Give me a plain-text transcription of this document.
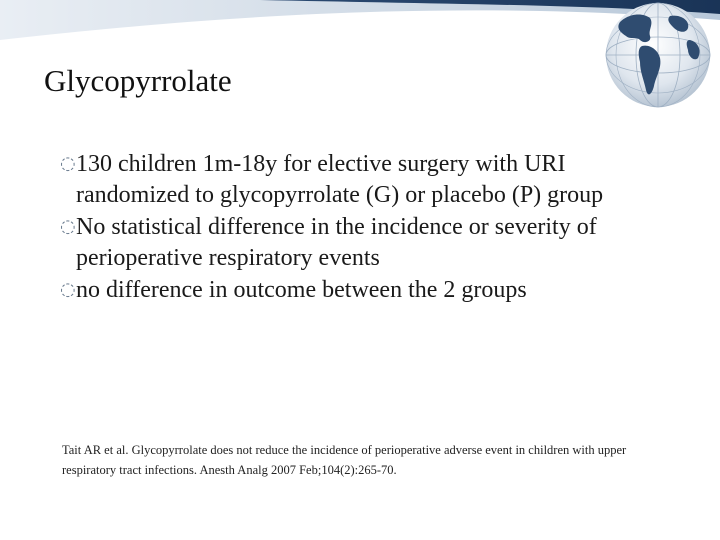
Glycopyrrolate
◌130 children 1m-18y for elective surgery with URI randomized to glycopyrrolate (G) or placebo (P) group
◌No statistical difference in the incidence or severity of perioperative respiratory events
◌no difference in outcome between the 2 groups

Tait AR et al. Glycopyrrolate does not reduce the incidence of perioperative adverse event in children with upper respiratory tract infections. Anesth Analg 2007 Feb;104(2):265-70.
